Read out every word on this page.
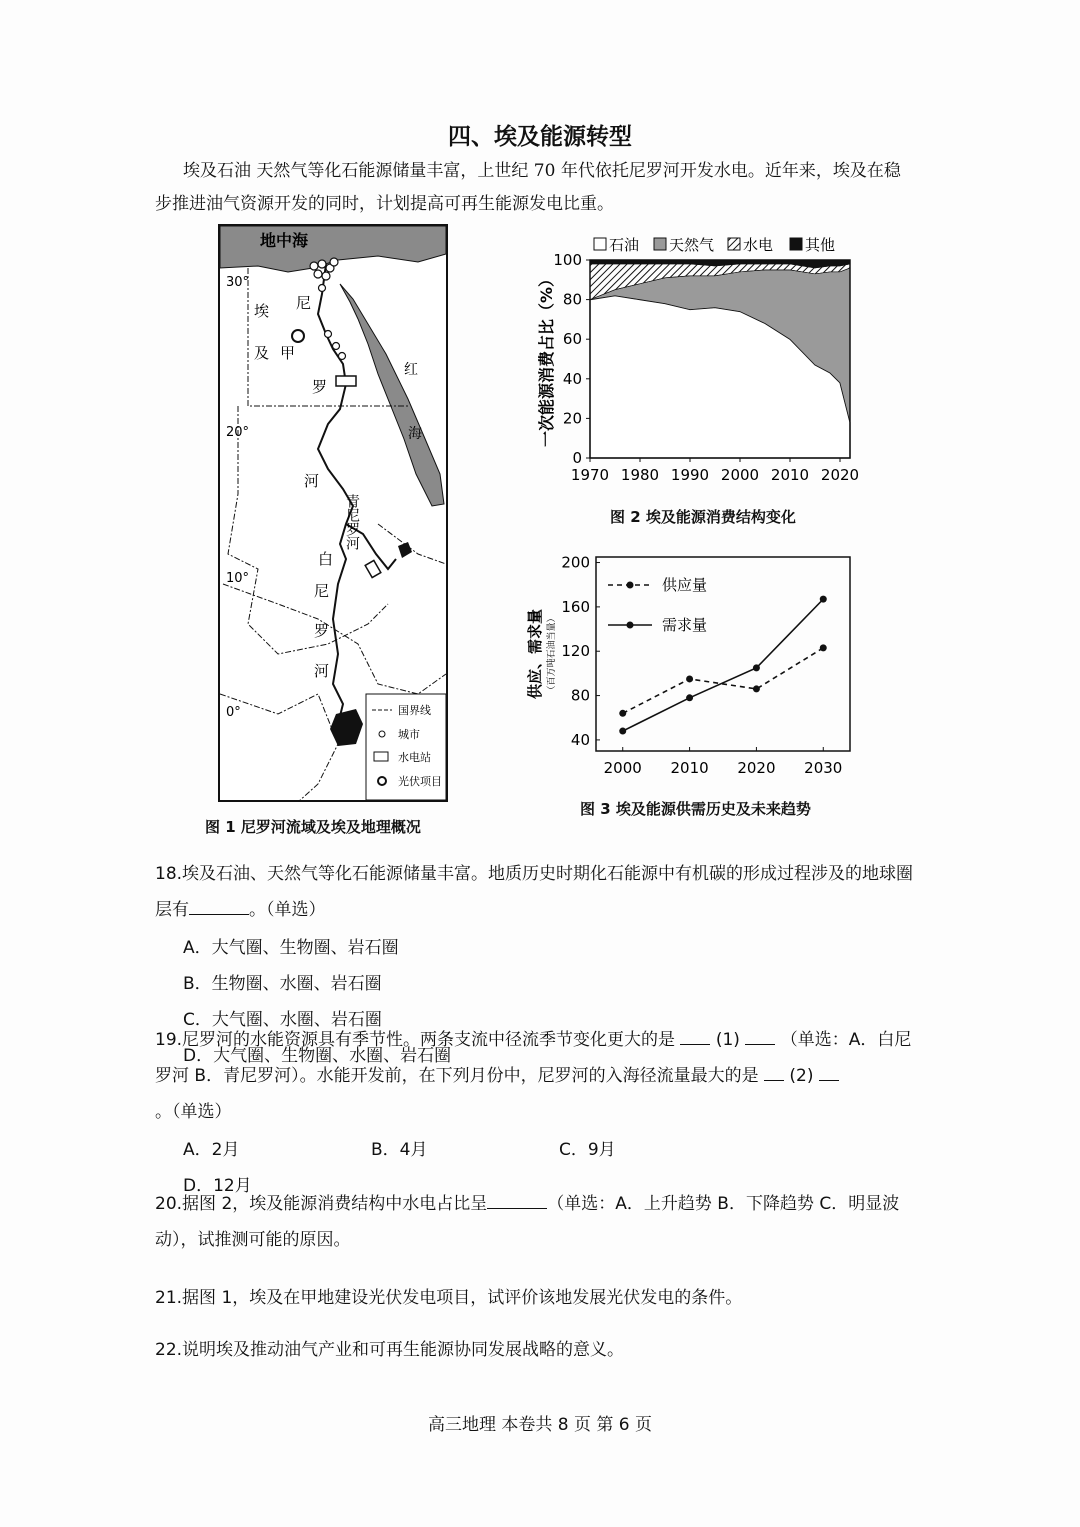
四、埃及能源转型
埃及石油 天然气等化石能源储量丰富，上世纪 70 年代依托尼罗河开发水电。近年来，埃及在稳步推进油气资源开发的同时，计划提高可再生能源发电比重。
地中海
埃
及 甲
尼
罗
河
红
海
青尼罗河
白
尼
罗
河
30°
20°
10°
0°	国界线
城市
水电站
光伏项目
图 1 尼罗河流域及埃及地理概况
石油 天然气 水电 其他
0
20
40
60
80
100
1970 1980 1990 2000 2010 2020
一次能源消费占比（%）
图 2 埃及能源消费结构变化
40
80
120
160
200
2000 2010 2020 2030
供应、需求量 （百万吨石油当量）
供应量
需求量
图 3 埃及能源供需历史及未来趋势
18.埃及石油、天然气等化石能源储量丰富。地质历史时期化石能源中有机碳的形成过程涉及的地球圈层有	。（单选）
A．大气圈、生物圈、岩石圈
B．生物圈、水圈、岩石圈
C．大气圈、水圈、岩石圈
D．大气圈、生物圈、水圈、岩石圈
19.尼罗河的水能资源具有季节性。两条支流中径流季节变化更大的是 (1) （单选：A．白尼罗河 B．青尼罗河）。水能开发前，在下列月份中，尼罗河的入海径流量最大的是 (2) 。（单选）
A．2月	B．4月	C．9月
D．12月
20.据图 2，埃及能源消费结构中水电占比呈	（单选：A．上升趋势 B．下降趋势 C．明显波动），试推测可能的原因。
21.据图 1，埃及在甲地建设光伏发电项目，试评价该地发展光伏发电的条件。
22.说明埃及推动油气产业和可再生能源协同发展战略的意义。
高三地理 本卷共 8 页 第 6 页
